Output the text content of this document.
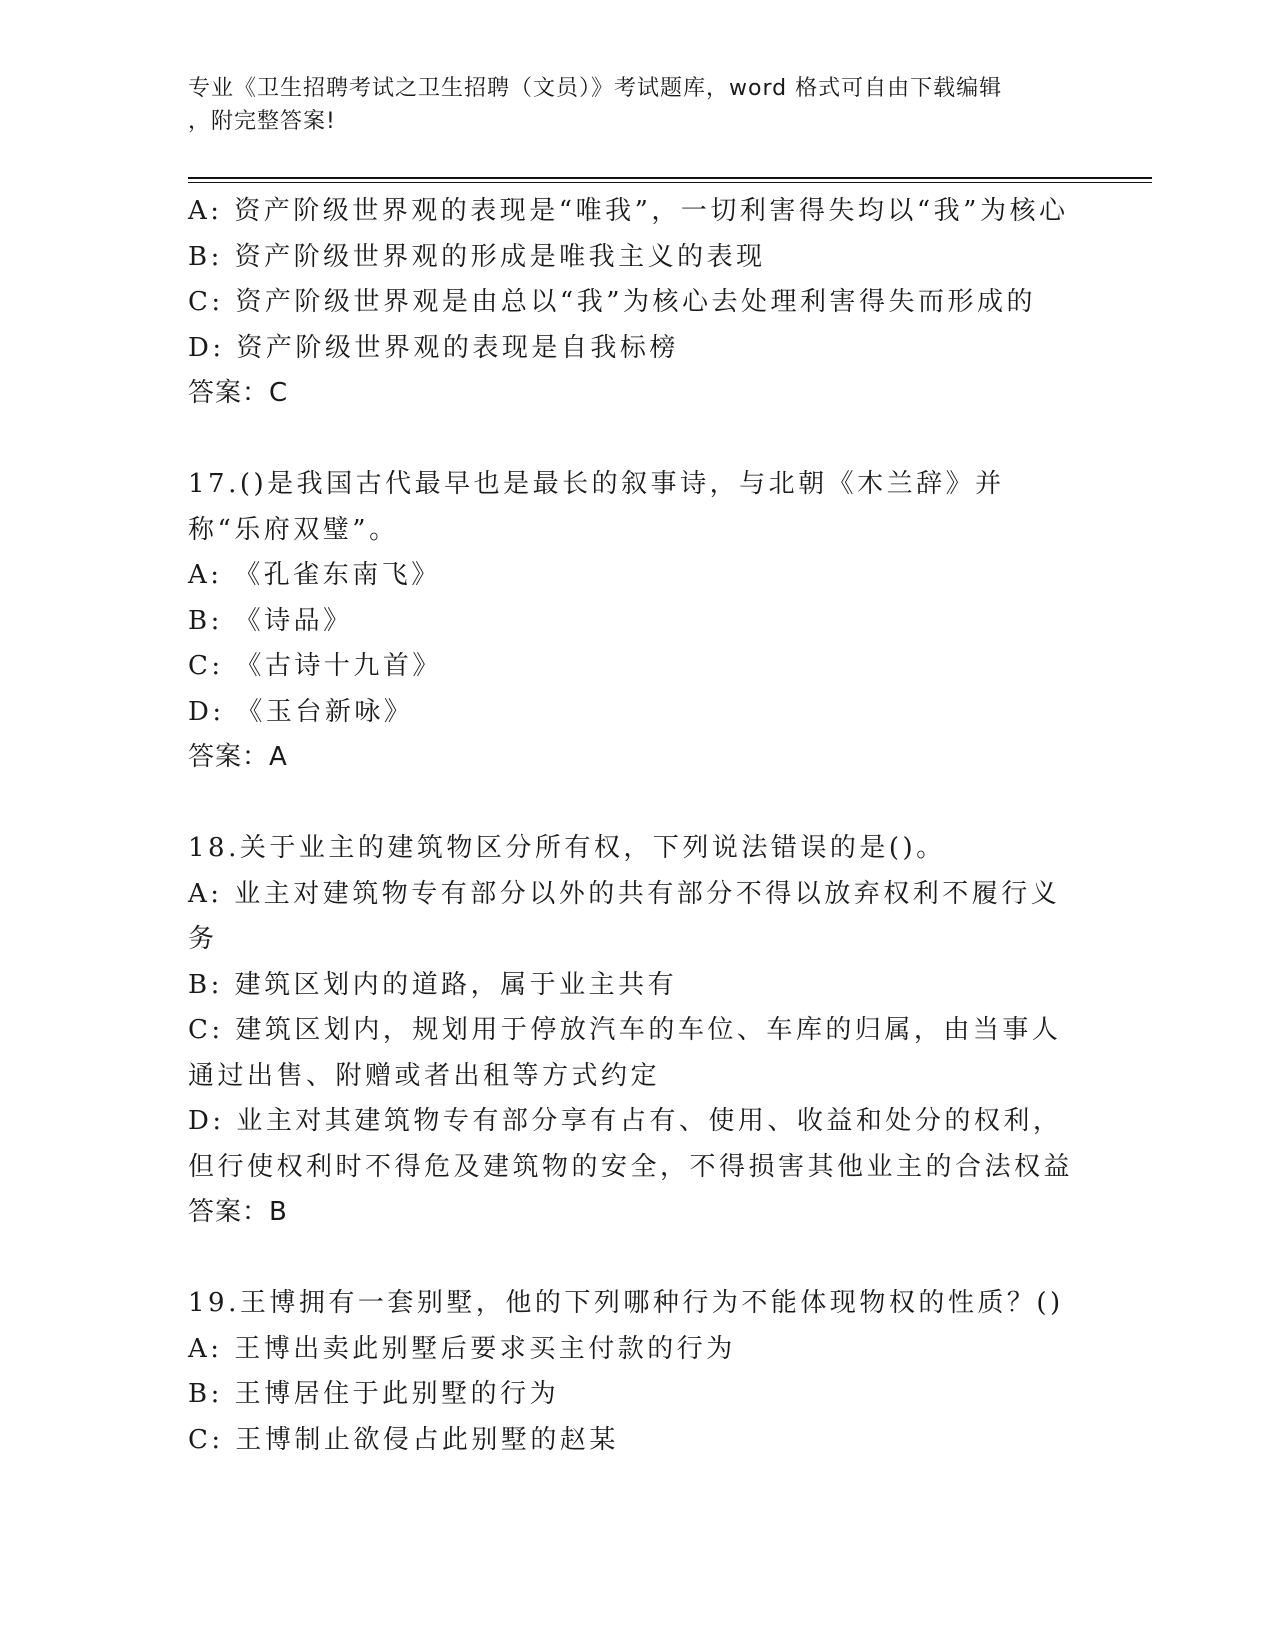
专业《卫生招聘考试之卫生招聘（文员）》考试题库，word 格式可自由下载编辑
，附完整答案!
A: 资产阶级世界观的表现是“唯我”，一切利害得失均以“我”为核心
B: 资产阶级世界观的形成是唯我主义的表现
C: 资产阶级世界观是由总以“我”为核心去处理利害得失而形成的
D: 资产阶级世界观的表现是自我标榜
答案：C
17.()是我国古代最早也是最长的叙事诗，与北朝《木兰辞》并称“乐府双璧”。
A: 《孔雀东南飞》
B: 《诗品》
C: 《古诗十九首》
D: 《玉台新咏》
答案：A
18.关于业主的建筑物区分所有权，下列说法错误的是()。
A: 业主对建筑物专有部分以外的共有部分不得以放弃权利不履行义务
B: 建筑区划内的道路，属于业主共有
C: 建筑区划内，规划用于停放汽车的车位、车库的归属，由当事人通过出售、附赠或者出租等方式约定
D: 业主对其建筑物专有部分享有占有、使用、收益和处分的权利，但行使权利时不得危及建筑物的安全，不得损害其他业主的合法权益
答案：B
19.王博拥有一套别墅，他的下列哪种行为不能体现物权的性质？()
A: 王博出卖此别墅后要求买主付款的行为
B: 王博居住于此别墅的行为
C: 王博制止欲侵占此别墅的赵某
